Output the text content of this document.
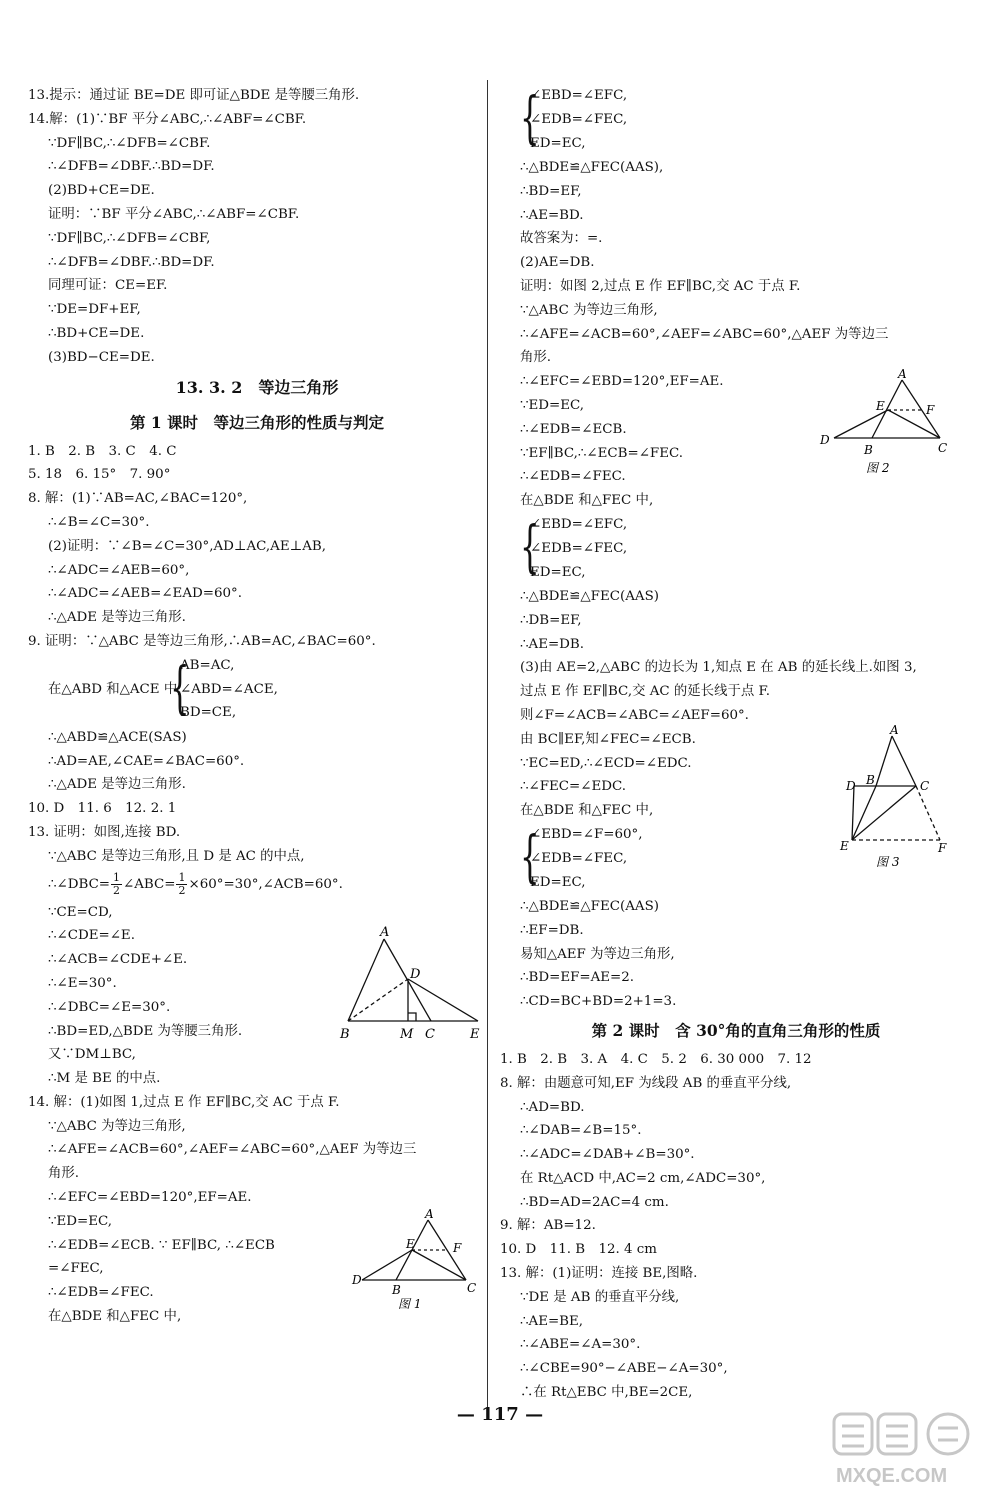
13.提示：通过证 BE=DE 即可证△BDE 是等腰三角形.
14.解：(1)∵BF 平分∠ABC,∴∠ABF=∠CBF.
∵DF∥BC,∴∠DFB=∠CBF.
∴∠DFB=∠DBF.∴BD=DF.
(2)BD+CE=DE.
证明：∵BF 平分∠ABC,∴∠ABF=∠CBF.
∵DF∥BC,∴∠DFB=∠CBF,
∴∠DFB=∠DBF.∴BD=DF.
同理可证：CE=EF.
∵DE=DF+EF,
∴BD+CE=DE.
(3)BD−CE=DE.
13. 3. 2　等边三角形
第 1 课时　等边三角形的性质与判定
1. B　2. B　3. C　4. C
5. 18　6. 15°　7. 90°
8. 解：(1)∵AB=AC,∠BAC=120°,
∴∠B=∠C=30°.
(2)证明：∵∠B=∠C=30°,AD⊥AC,AE⊥AB,
∴∠ADC=∠AEB=60°,
∴∠ADC=∠AEB=∠EAD=60°.
∴△ADE 是等边三角形.
9. 证明：∵△ABC 是等边三角形,∴AB=AC,∠BAC=60°.
在△ABD 和△ACE 中,
{
AB=AC,
∠ABD=∠ACE,
BD=CE,
∴△ABD≌△ACE(SAS)
∴AD=AE,∠CAE=∠BAC=60°.
∴△ADE 是等边三角形.
10. D　11. 6　12. 2. 1
13. 证明：如图,连接 BD.
∵△ABC 是等边三角形,且 D 是 AC 的中点,
∴∠DBC= $\frac{1}{2}$ ∠ABC= $\frac{1}{2}$ ×60°=30°,∠ACB=60°.
∵CE=CD,
∴∠CDE=∠E.
∴∠ACB=∠CDE+∠E.
∴∠E=30°.
∴∠DBC=∠E=30°.
∴BD=ED,△BDE 为等腰三角形.
又∵DM⊥BC,
∴M 是 BE 的中点.
14. 解：(1)如图 1,过点 E 作 EF∥BC,交 AC 于点 F.
∵△ABC 为等边三角形,
∴∠AFE=∠ACB=60°,∠AEF=∠ABC=60°,△AEF 为等边三
角形.
∴∠EFC=∠EBD=120°,EF=AE.
∵ED=EC,
∴∠EDB=∠ECB. ∵ EF∥BC, ∴∠ECB
=∠FEC,
∴∠EDB=∠FEC.
在△BDE 和△FEC 中,
{
∠EBD=∠EFC,
∠EDB=∠FEC,
ED=EC,
∴△BDE≌△FEC(AAS),
∴BD=EF,
∴AE=BD.
故答案为：=.
(2)AE=DB.
证明：如图 2,过点 E 作 EF∥BC,交 AC 于点 F.
∵△ABC 为等边三角形,
∴∠AFE=∠ACB=60°,∠AEF=∠ABC=60°,△AEF 为等边三
角形.
∴∠EFC=∠EBD=120°,EF=AE.
∵ED=EC,
∴∠EDB=∠ECB.
∵EF∥BC,∴∠ECB=∠FEC.
∴∠EDB=∠FEC.
在△BDE 和△FEC 中,
{
∠EBD=∠EFC,
∠EDB=∠FEC,
ED=EC,
∴△BDE≌△FEC(AAS)
∴DB=EF,
∴AE=DB.
(3)由 AE=2,△ABC 的边长为 1,知点 E 在 AB 的延长线上.如图 3,
过点 E 作 EF∥BC,交 AC 的延长线于点 F.
则∠F=∠ACB=∠ABC=∠AEF=60°.
由 BC∥EF,知∠FEC=∠ECB.
∵EC=ED,∴∠ECD=∠EDC.
∴∠FEC=∠EDC.
在△BDE 和△FEC 中,
{
∠EBD=∠F=60°,
∠EDB=∠FEC,
ED=EC,
∴△BDE≌△FEC(AAS)
∴EF=DB.
易知△AEF 为等边三角形,
∴BD=EF=AE=2.
∴CD=BC+BD=2+1=3.
第 2 课时　含 30°角的直角三角形的性质
1. B　2. B　3. A　4. C　5. 2　6. 30 000　7. 12
8. 解：由题意可知,EF 为线段 AB 的垂直平分线,
∴AD=BD.
∴∠DAB=∠B=15°.
∴∠ADC=∠DAB+∠B=30°.
在 Rt△ACD 中,AC=2 cm,∠ADC=30°,
∴BD=AD=2AC=4 cm.
9. 解：AB=12.
10. D　11. B　12. 4 cm
13. 解：(1)证明：连接 BE,图略.
∵DE 是 AB 的垂直平分线,
∴AE=BE,
∴∠ABE=∠A=30°.
∴∠CBE=90°−∠ABE−∠A=30°,
∴在 Rt△EBC 中,BE=2CE,
A
D
B	M C	E
A
E	F
D
B	C
图 1
A
E	F
D
B	C
图 2
A
B	C
D
E	F
图 3
— 117 —
MXQE.COM
